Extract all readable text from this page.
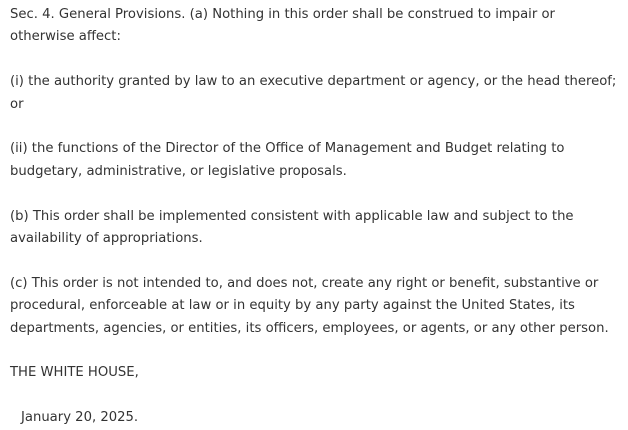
Sec. 4. General Provisions. (a) Nothing in this order shall be construed to impair or otherwise affect:

(i) the authority granted by law to an executive department or agency, or the head thereof; or

(ii) the functions of the Director of the Office of Management and Budget relating to budgetary, administrative, or legislative proposals.

(b) This order shall be implemented consistent with applicable law and subject to the availability of appropriations.

(c) This order is not intended to, and does not, create any right or benefit, substantive or procedural, enforceable at law or in equity by any party against the United States, its departments, agencies, or entities, its officers, employees, or agents, or any other person.

THE WHITE HOUSE,

January 20, 2025.
